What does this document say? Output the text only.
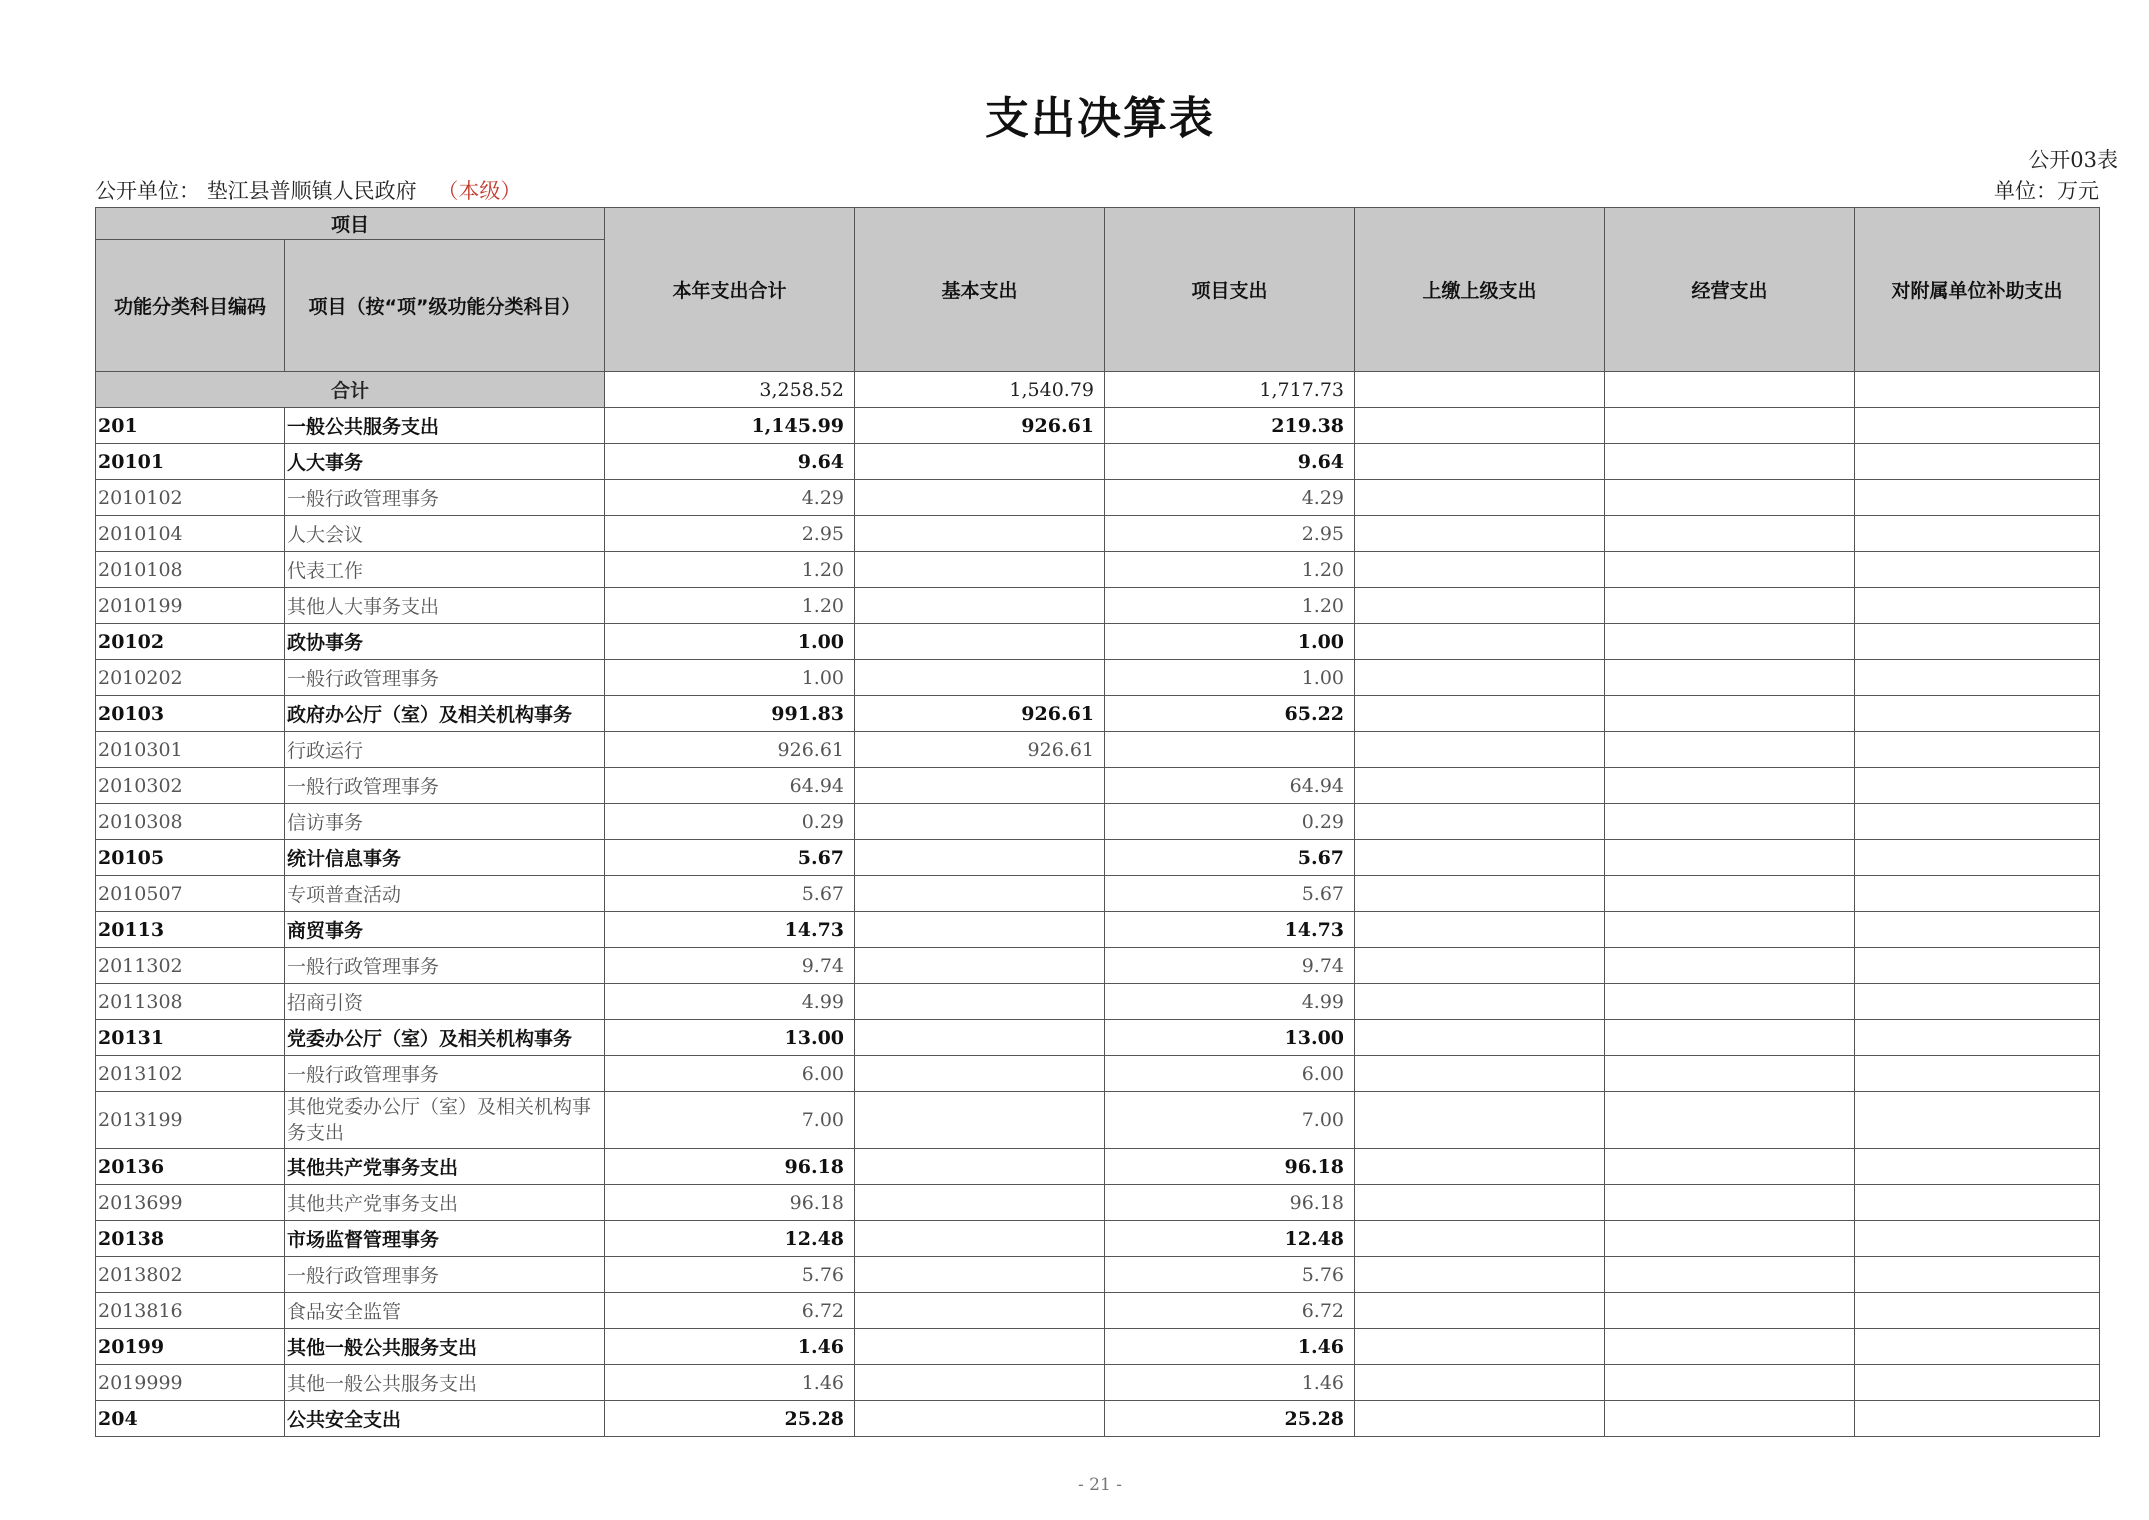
支出决算表
公开03表
公开单位： 垫江县普顺镇人民政府 （本级）	单位：万元
项目		本年支出合计	基本支出	项目支出	上缴上级支出	经营支出	对附属单位补助支出
功能分类科目编码	项目（按“项”级功能分类科目）						
合计		3,258.52	1,540.79	1,717.73			
201	一般公共服务支出	1,145.99	926.61	219.38			
20101	人大事务	9.64		9.64			
2010102	一般行政管理事务	4.29		4.29			
2010104	人大会议	2.95		2.95			
2010108	代表工作	1.20		1.20			
2010199	其他人大事务支出	1.20		1.20			
20102	政协事务	1.00		1.00			
2010202	一般行政管理事务	1.00		1.00			
20103	政府办公厅（室）及相关机构事务	991.83	926.61	65.22			
2010301	行政运行	926.61	926.61				
2010302	一般行政管理事务	64.94		64.94			
2010308	信访事务	0.29		0.29			
20105	统计信息事务	5.67		5.67			
2010507	专项普查活动	5.67		5.67			
20113	商贸事务	14.73		14.73			
2011302	一般行政管理事务	9.74		9.74			
2011308	招商引资	4.99		4.99			
20131	党委办公厅（室）及相关机构事务	13.00		13.00			
2013102	一般行政管理事务	6.00		6.00			
2013199	其他党委办公厅（室）及相关机构事务支出	7.00		7.00			
20136	其他共产党事务支出	96.18		96.18			
2013699	其他共产党事务支出	96.18		96.18			
20138	市场监督管理事务	12.48		12.48			
2013802	一般行政管理事务	5.76		5.76			
2013816	食品安全监管	6.72		6.72			
20199	其他一般公共服务支出	1.46		1.46			
2019999	其他一般公共服务支出	1.46		1.46			
204	公共安全支出	25.28		25.28			
- 21 -
